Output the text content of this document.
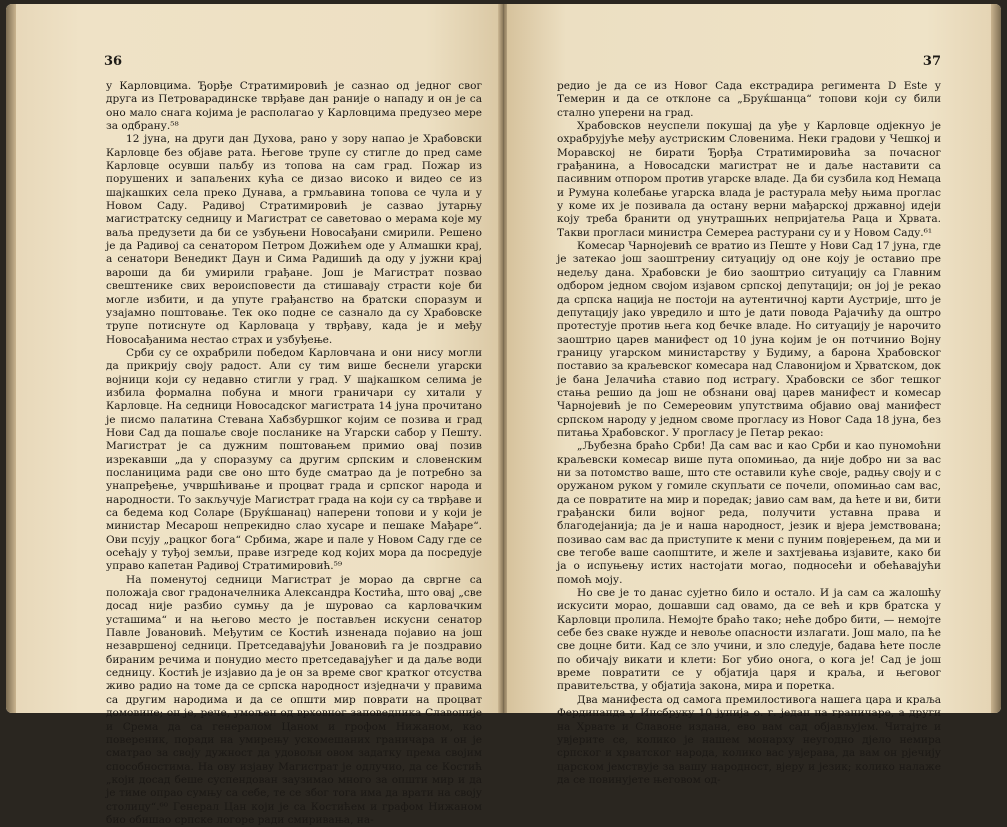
36

у Карловцима. Ђорђе Стратимировић је сазнао од једног свог друга из Петроварадинске тврђаве дан раније о нападу и он је са оно мало снага којима је располагао у Карловцима предузео мере за одбрану.⁵⁸

12 јуна, на други дан Духова, рано у зору напао је Храбовски Карловце без објаве рата. Његове трупе су стигле до пред саме Карловце осувши паљбу из топова на сам град. Пожар из порушених и запаљених кућа се дизао високо и видео се из шајкашких села преко Дунава, а грмљавина топова се чула и у Новом Саду. Радивој Стратимировић је сазвао јутарњу магистратску седницу и Магистрат се саветовао о мерама које му ваља предузети да би се узбуњени Новосађани смирили. Решено је да Радивој са сенатором Петром Дожићем оде у Алмашки крај, а сенатори Венедикт Даун и Сима Радишић да оду у јужни крај вароши да би умирили грађане. Још је Магистрат позвао свештенике свих вероисповести да стишавају страсти које би могле избити, и да упуте грађанство на братски споразум и узајамно поштовање. Тек око подне се сазнало да су Храбовске трупе потиснуте од Карловаца у тврђаву, када је и међу Новосађанима нестао страх и узбуђење.

Срби су се охрабрили победом Карловчана и они нису могли да прикрију своју радост. Али су тим више беснели угарски војници који су недавно стигли у град. У шајкашком селима је избила формална побуна и многи граничари су хитали у Карловце. На седници Новосадског магистрата 14 јуна прочитано је писмо палатина Стевана Хабзбуршког којим се позива и град Нови Сад да пошаље своје посланике на Угарски сабор у Пешту. Магистрат је са дужним поштовањем примио овај позив изрекавши „да у споразуму са другим српским и словенским посланицима ради све оно што буде сматрао да је потребно за унапређење, учвршћивање и процват града и српског народа и народности. То закључује Магистрат града на који су са тврђаве и са бедема код Соларе (Бруќшанац) наперени топови и у који је министар Месарош непрекидно слао хусаре и пешаке Мађаре“. Ови псују „рацког бога“ Србима, жаре и пале у Новом Саду где се осећају у туђој земљи, праве изгреде код којих мора да посредује управо капетан Радивој Стратимировић.⁵⁹

На поменутој седници Магистрат је морао да свргне са положаја свог градоначелника Александра Костића, што овај „све досад није разбио сумњу да је шуровао са карловачким усташима“ и на његово место је постављен искусни сенатор Павле Јовановић. Међутим се Костић изненада појавио на још незавршеној седници. Претседавајући Јовановић га је поздравио бираним речима и понудио место претседавајућег и да даље води седницу. Костић је изјавио да је он за време свог кратког отсуства живо радио на томе да се српска народност изједначи у правима са другим народима и да се општи мир поврати на процват домовине; он је, рече, умољен од врховног заповедника Славоније и Срема да са генералом Цаном и грофом Нижаном, као повереник, поради на умирењу ускомешаних граничара и он је сматрао за своју дужност да удовољи овом задатку према својим способностима. На ову изјаву Магистрат је одлучио, да се Костић „који досад беше суспендован заузимао много за општи мир и да је тиме опрао сумњу са себе, те се због тога има да врати на своју столицу“.⁶⁰ Генерал Цан који је са Костићем и графом Нижаном био обишао српске логоре ради смиривања, на-

37

редио је да се из Новог Сада екстрадира регимента D Este у Темерин и да се отклоне са „Бруќшанца“ топови који су били стално уперени на град.

Храбовсков неуспели покушај да уђе у Карловце одјекнуо је охрабрујуће међу аустриским Словенима. Неки градови у Чешкој и Моравској не бирати Ђорђа Стратимировића за почасног грађанина, а Новосадски магистрат не и даље наставити са пасивним отпором против угарске владе. Да би сузбила код Немаца и Румуна колебање угарска влада је растурала међу њима проглас у коме их је позивала да остану верни мађарској државној идеји коју треба бранити од унутрашњих непријатеља Раца и Хрвата. Такви прогласи министра Семереа растурани су и у Новом Саду.⁶¹

Комесар Чарнојевић се вратио из Пеште у Нови Сад 17 јуна, где је затекао још заоштрениу ситуацију од оне коју је оставио пре недељу дана. Храбовски је био заоштрио ситуацију са Главним одбором једном својом изјавом српској депутацији; он јој је рекао да српска нација не постоји на аутентичној карти Аустрије, што је депутацију јако увредило и што је дати повода Рајачићу да оштро протестује против њега код бечке владе. Но ситуацију је нарочито заоштрио царев манифест од 10 јуна којим је он потчинио Војну границу угарском министарству у Будиму, а барона Храбовског поставио за краљевског комесара над Славонијом и Хрватском, док је бана Јелачића ставио под истрагу. Храбовски се због тешког стања решио да још не обзнани овај царев манифест и комесар Чарнојевић је по Семереовим упутствима објавио овај манифест српском народу у једном своме прогласу из Новог Сада 18 јуна, без питања Храбовског. У прогласу је Петар рекао:

„Љубезна браћо Срби! Да сам вас и као Срби и као пуномоћни краљевски комесар више пута опомињао, да није добро ни за вас ни за потомство ваше, што сте оставили куће своје, радњу своју и с оружаном руком у гомиле скупљати се почели, опомињао сам вас, да се повратите на мир и поредак; јавио сам вам, да ћете и ви, бити грађански били војног реда, получити уставна права и благодејанија; да је и наша народност, језик и вјера јемствована; позивао сам вас да приступите к мени с пуним повјерењем, да ми и све тегобе ваше саопштите, и желе и захтјевања изјавите, како би ја о испуњењу истих настојати могао, подносећи и обећавајући помоћ моју.

Но све је то данас сујетно било и остало. И ја сам са жалошћу искусити морао, дошавши сад овамо, да се већ и крв братска у Карловци пролила. Немојте браћо тако; неће добро бити, — немојте себе без сваке нужде и невоље опасности излагати. Још мало, па ће све доцне бити. Кад се зло учини, и зло следује, бадава ћете после по обичају викати и клети: Бог убио онога, о кога је! Сад је још време повратити се у објатија царя и краља, и његовог правитељства, у објатија закона, мира и поретка.

Два манифеста од самога премилостивога нашега цара и краља Фердинанда у Инсбруку 10 јунија о. г. један на граничаре, а други на Хрвате и Славоне издана, ево вам сад објављујем. Читајте и увјерите се, колико је нашем монарху неугодно дјело немира српског и хрватског народа, колико вас увјерава, да вам он рјечију царском јемствује за вашу народност, вјеру и језик; колико налаже да се повинујете његовом од-
